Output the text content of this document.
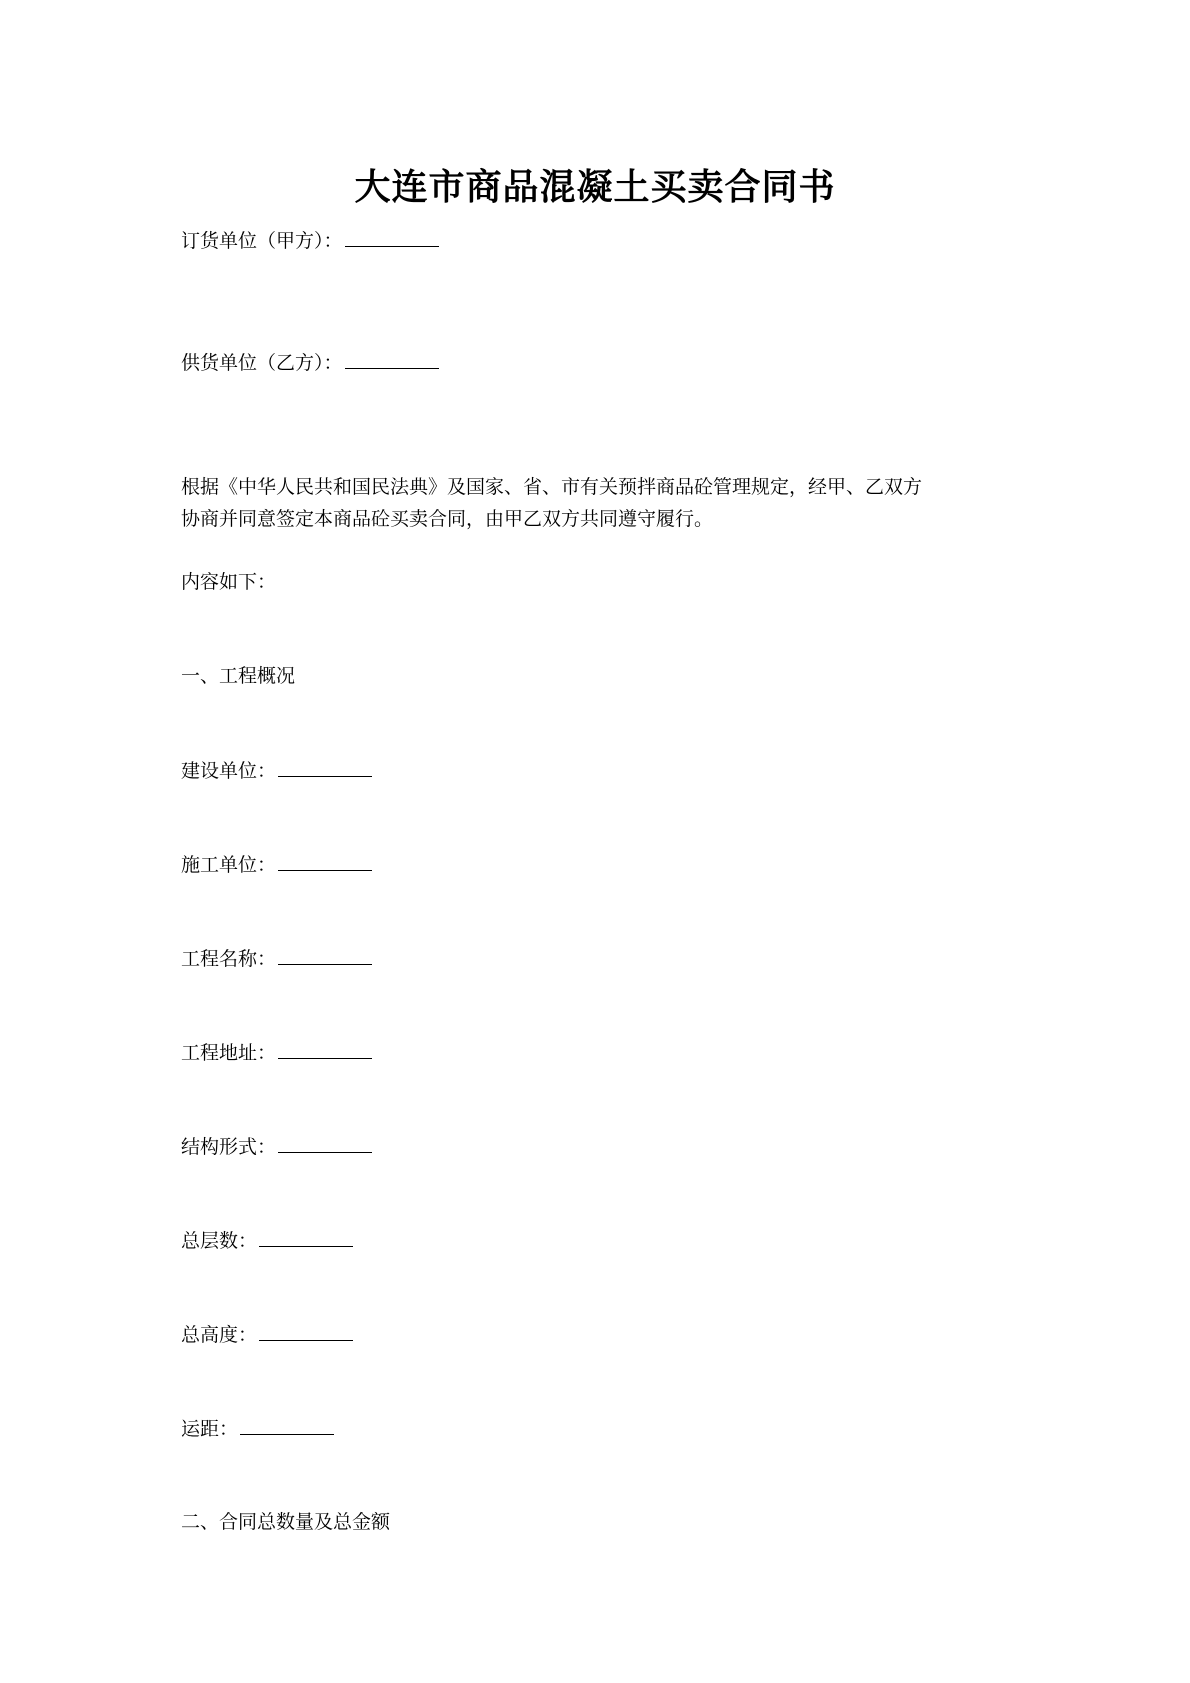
大连市商品混凝土买卖合同书

订货单位（甲方）：

供货单位（乙方）：

根据《中华人民共和国民法典》及国家、省、市有关预拌商品砼管理规定，经甲、乙双方
协商并同意签定本商品砼买卖合同，由甲乙双方共同遵守履行。

内容如下：

一、工程概况

建设单位：

施工单位：

工程名称：

工程地址：

结构形式：

总层数：

总高度：

运距：

二、合同总数量及总金额
